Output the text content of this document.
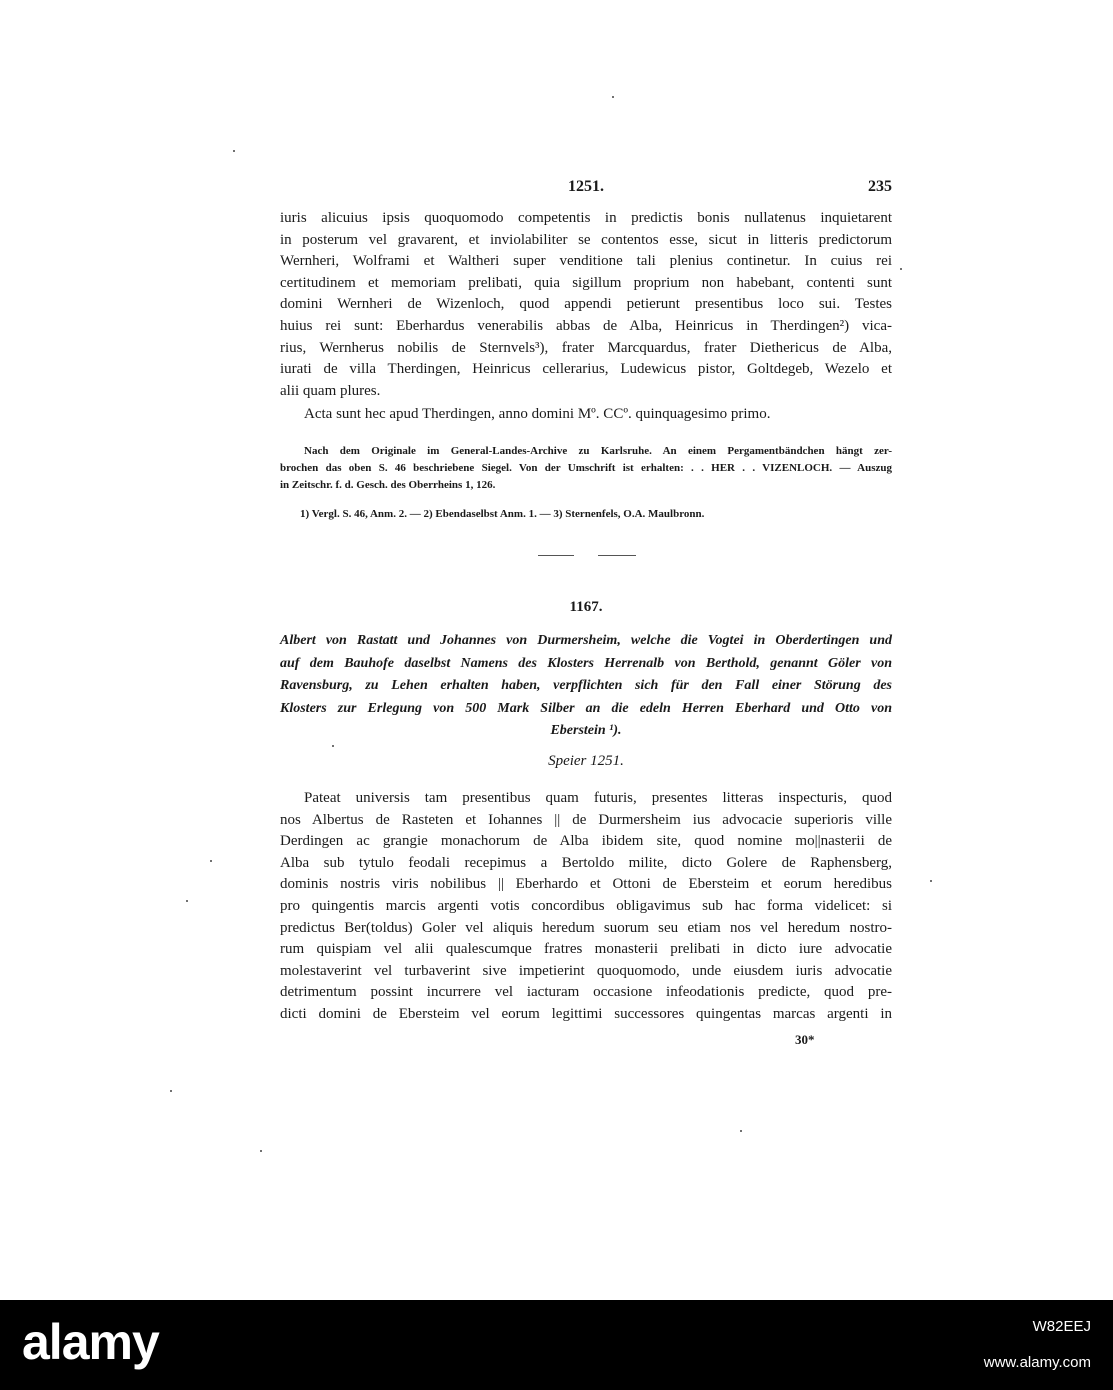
1251.	235

iuris alicuius ipsis quoquomodo competentis in predictis bonis nullatenus inquietarent

in posterum vel gravarent, et inviolabiliter se contentos esse, sicut in litteris predictorum

Wernheri, Wolframi et Waltheri super venditione tali plenius continetur. In cuius rei

certitudinem et memoriam prelibati, quia sigillum proprium non habebant, contenti sunt

domini Wernheri de Wizenloch, quod appendi petierunt presentibus loco sui. Testes

huius rei sunt: Eberhardus venerabilis abbas de Alba, Heinricus in Therdingen²) vica-

rius, Wernherus nobilis de Sternvels³), frater Marcquardus, frater Diethericus de Alba,

iurati de villa Therdingen, Heinricus cellerarius, Ludewicus pistor, Goltdegeb, Wezelo et

alii quam plures.

Acta sunt hec apud Therdingen, anno domini Mº. CCº. quinquagesimo primo.

Nach dem Originale im General-Landes-Archive zu Karlsruhe. An einem Pergamentbändchen hängt zer-

brochen das oben S. 46 beschriebene Siegel. Von der Umschrift ist erhalten: . . HER . . VIZENLOCH. — Auszug

in Zeitschr. f. d. Gesch. des Oberrheins 1, 126.

1) Vergl. S. 46, Anm. 2. — 2) Ebendaselbst Anm. 1. — 3) Sternenfels, O.A. Maulbronn.

1167.

Albert von Rastatt und Johannes von Durmersheim, welche die Vogtei in Oberdertingen und

auf dem Bauhofe daselbst Namens des Klosters Herrenalb von Berthold, genannt Göler von

Ravensburg, zu Lehen erhalten haben, verpflichten sich für den Fall einer Störung des

Klosters zur Erlegung von 500 Mark Silber an die edeln Herren Eberhard und Otto von

Eberstein ¹).

Speier 1251.

Pateat universis tam presentibus quam futuris, presentes litteras inspecturis, quod

nos Albertus de Rasteten et Iohannes || de Durmersheim ius advocacie superioris ville

Derdingen ac grangie monachorum de Alba ibidem site, quod nomine mo||nasterii de

Alba sub tytulo feodali recepimus a Bertoldo milite, dicto Golere de Raphensberg,

dominis nostris viris nobilibus || Eberhardo et Ottoni de Ebersteim et eorum heredibus

pro quingentis marcis argenti votis concordibus obligavimus sub hac forma videlicet: si

predictus Ber(toldus) Goler vel aliquis heredum suorum seu etiam nos vel heredum nostro-

rum quispiam vel alii qualescumque fratres monasterii prelibati in dicto iure advocatie

molestaverint vel turbaverint sive impetierint quoquomodo, unde eiusdem iuris advocatie

detrimentum possint incurrere vel iacturam occasione infeodationis predicte, quod pre-

dicti domini de Ebersteim vel eorum legittimi successores quingentas marcas argenti in

30*
alamy	W82EEJ
www.alamy.com
